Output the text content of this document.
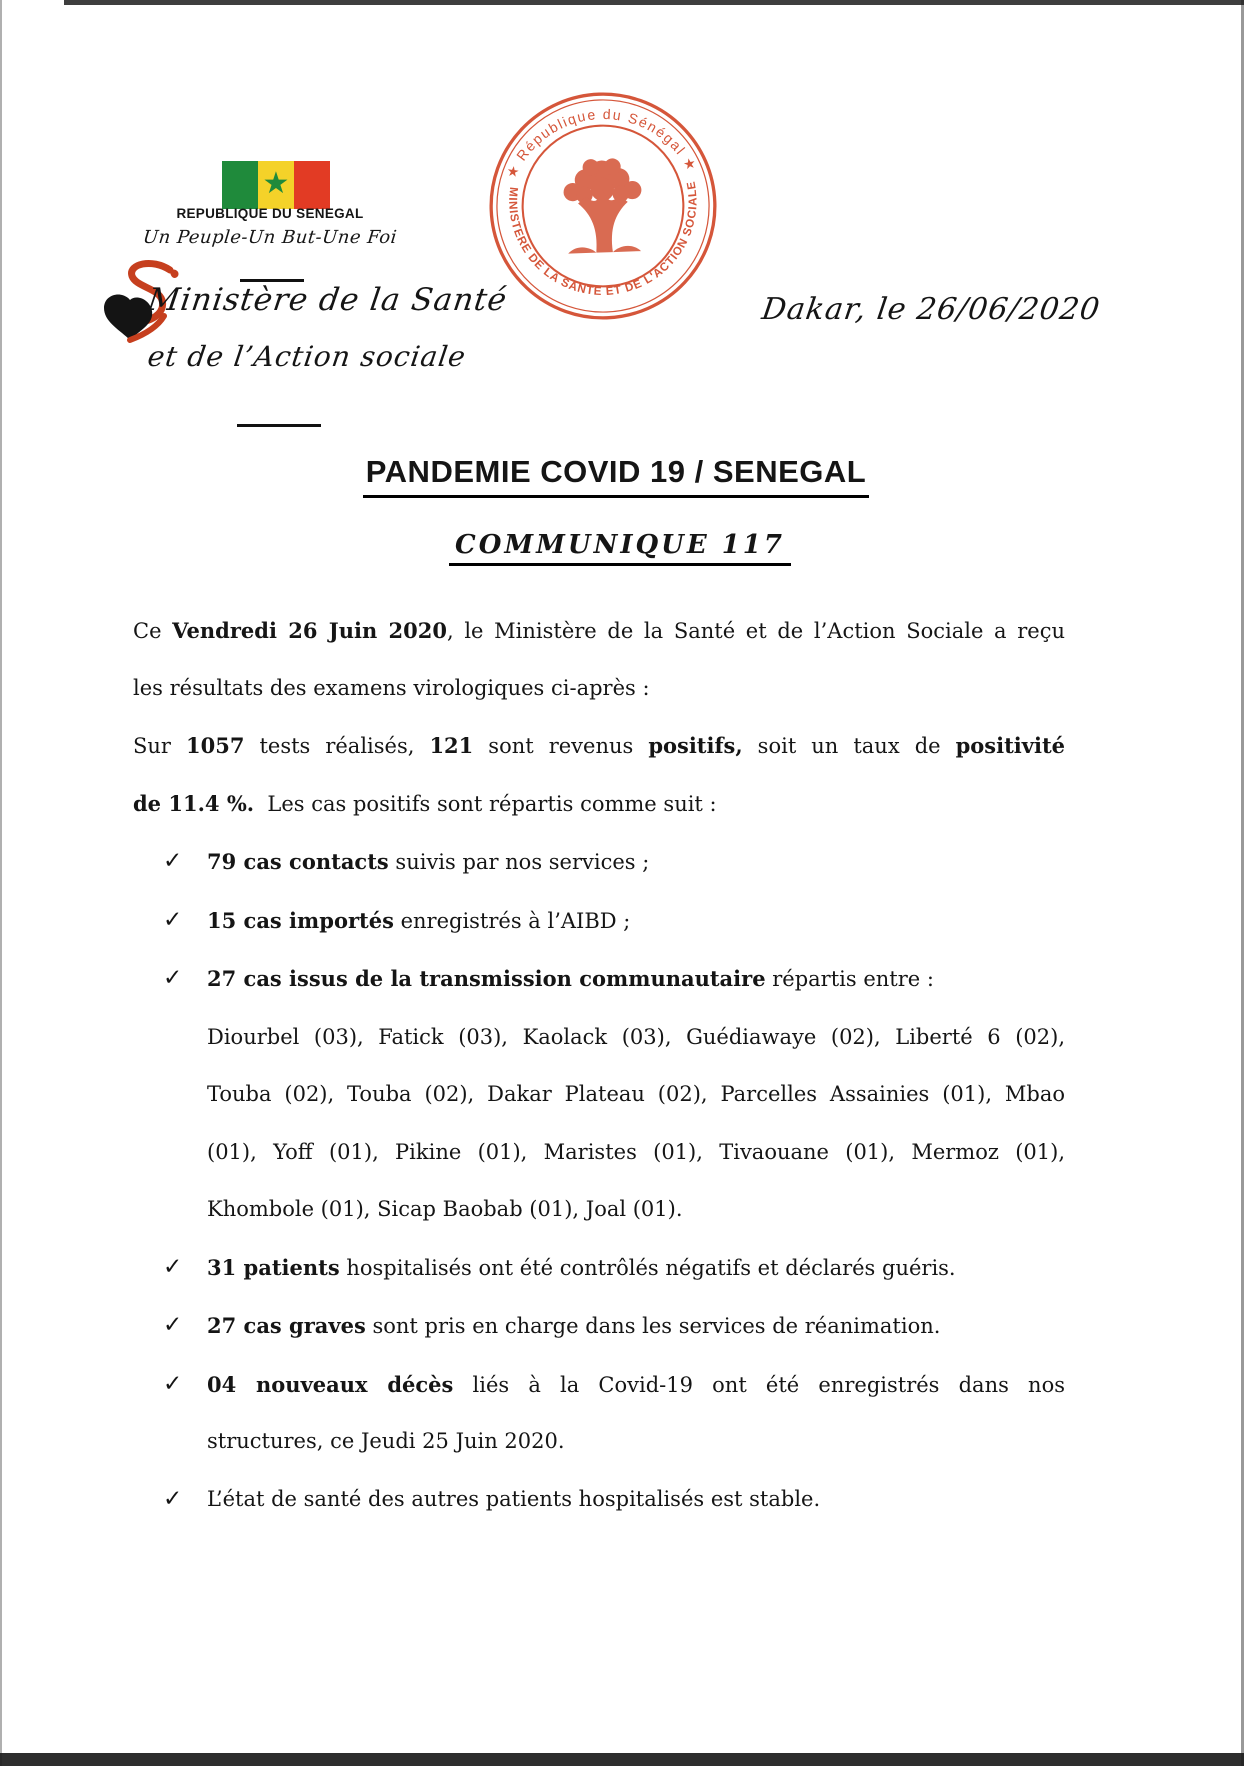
★
REPUBLIQUE DU SENEGAL
Un Peuple-Un But-Une Foi
Ministère de la Santé
et de l’Action sociale
★ République du Sénégal ★
MINISTERE DE LA SANTE ET DE L'ACTION SOCIALE
Dakar, le 26/06/2020
PANDEMIE COVID 19 / SENEGAL
COMMUNIQUE 117
Ce Vendredi 26 Juin 2020, le Ministère de la Santé et de l’Action Sociale a reçu
les résultats des examens virologiques ci-après :
Sur 1057 tests réalisés, 121 sont revenus positifs, soit un taux de positivité
de 11.4 %.  Les cas positifs sont répartis comme suit :
✓ 79 cas contacts suivis par nos services ;
✓ 15 cas importés enregistrés à l’AIBD ;
✓ 27 cas issus de la transmission communautaire répartis entre :
Diourbel (03), Fatick (03), Kaolack (03), Guédiawaye (02), Liberté 6 (02),
Touba (02), Touba (02), Dakar Plateau (02), Parcelles Assainies (01), Mbao
(01), Yoff (01), Pikine (01), Maristes (01), Tivaouane (01), Mermoz (01),
Khombole (01), Sicap Baobab (01), Joal (01).
✓ 31 patients hospitalisés ont été contrôlés négatifs et déclarés guéris.
✓ 27 cas graves sont pris en charge dans les services de réanimation.
✓ 04 nouveaux décès liés à la Covid-19 ont été enregistrés dans nos
structures, ce Jeudi 25 Juin 2020.
✓ L’état de santé des autres patients hospitalisés est stable.
